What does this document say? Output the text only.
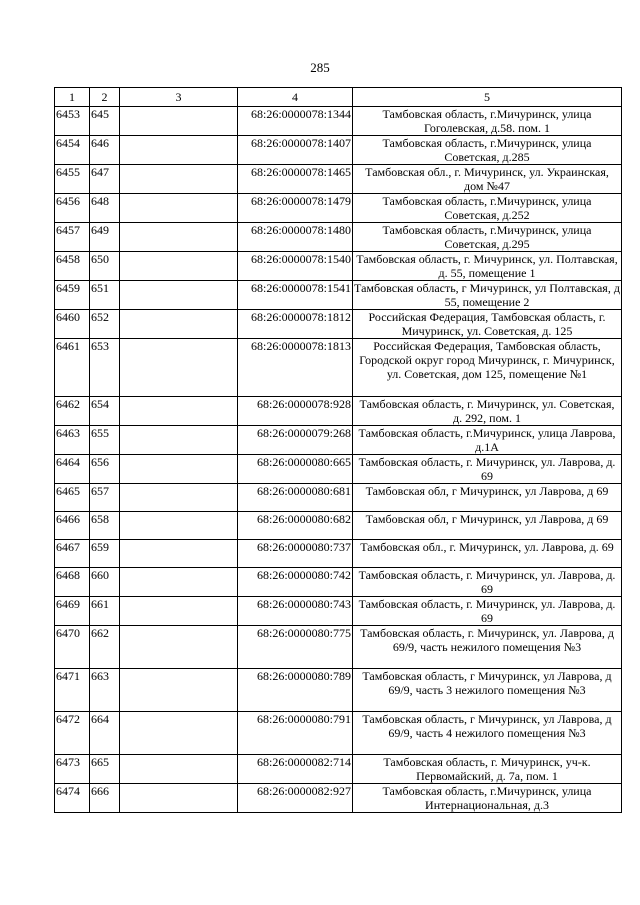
285
1	2	3	4	5
6453	645		68:26:0000078:1344	Тамбовская область, г.Мичуринск, улица Гоголевская, д.58. пом. 1
6454	646		68:26:0000078:1407	Тамбовская область, г.Мичуринск, улица Советская, д.285
6455	647		68:26:0000078:1465	Тамбовская обл., г. Мичуринск, ул. Украинская, дом №47
6456	648		68:26:0000078:1479	Тамбовская область, г.Мичуринск, улица Советская, д.252
6457	649		68:26:0000078:1480	Тамбовская область, г.Мичуринск, улица Советская, д.295
6458	650		68:26:0000078:1540	Тамбовская область, г. Мичуринск, ул. Полтавская, д. 55, помещение 1
6459	651		68:26:0000078:1541	Тамбовская область, г Мичуринск, ул Полтавская, д 55, помещение 2
6460	652		68:26:0000078:1812	Российская Федерация, Тамбовская область, г. Мичуринск, ул. Советская, д. 125
6461	653		68:26:0000078:1813	Российская Федерация, Тамбовская область, Городской округ город Мичуринск, г. Мичуринск, ул. Советская, дом 125, помещение №1
6462	654		68:26:0000078:928	Тамбовская область, г. Мичуринск, ул. Советская, д. 292, пом. 1
6463	655		68:26:0000079:268	Тамбовская область, г.Мичуринск, улица Лаврова, д.1А
6464	656		68:26:0000080:665	Тамбовская область, г. Мичуринск, ул. Лаврова, д. 69
6465	657		68:26:0000080:681	Тамбовская обл, г Мичуринск, ул Лаврова, д 69
6466	658		68:26:0000080:682	Тамбовская обл, г Мичуринск, ул Лаврова, д 69
6467	659		68:26:0000080:737	Тамбовская обл., г. Мичуринск, ул. Лаврова, д. 69
6468	660		68:26:0000080:742	Тамбовская область, г. Мичуринск, ул. Лаврова, д. 69
6469	661		68:26:0000080:743	Тамбовская область, г. Мичуринск, ул. Лаврова, д. 69
6470	662		68:26:0000080:775	Тамбовская область, г. Мичуринск, ул. Лаврова, д 69/9, часть нежилого помещения №3
6471	663		68:26:0000080:789	Тамбовская область, г Мичуринск, ул Лаврова, д 69/9, часть 3 нежилого помещения №3
6472	664		68:26:0000080:791	Тамбовская область, г Мичуринск, ул Лаврова, д 69/9, часть 4 нежилого помещения №3
6473	665		68:26:0000082:714	Тамбовская область, г. Мичуринск, уч-к. Первомайский, д. 7а, пом. 1
6474	666		68:26:0000082:927	Тамбовская область, г.Мичуринск, улица Интернациональная, д.3
